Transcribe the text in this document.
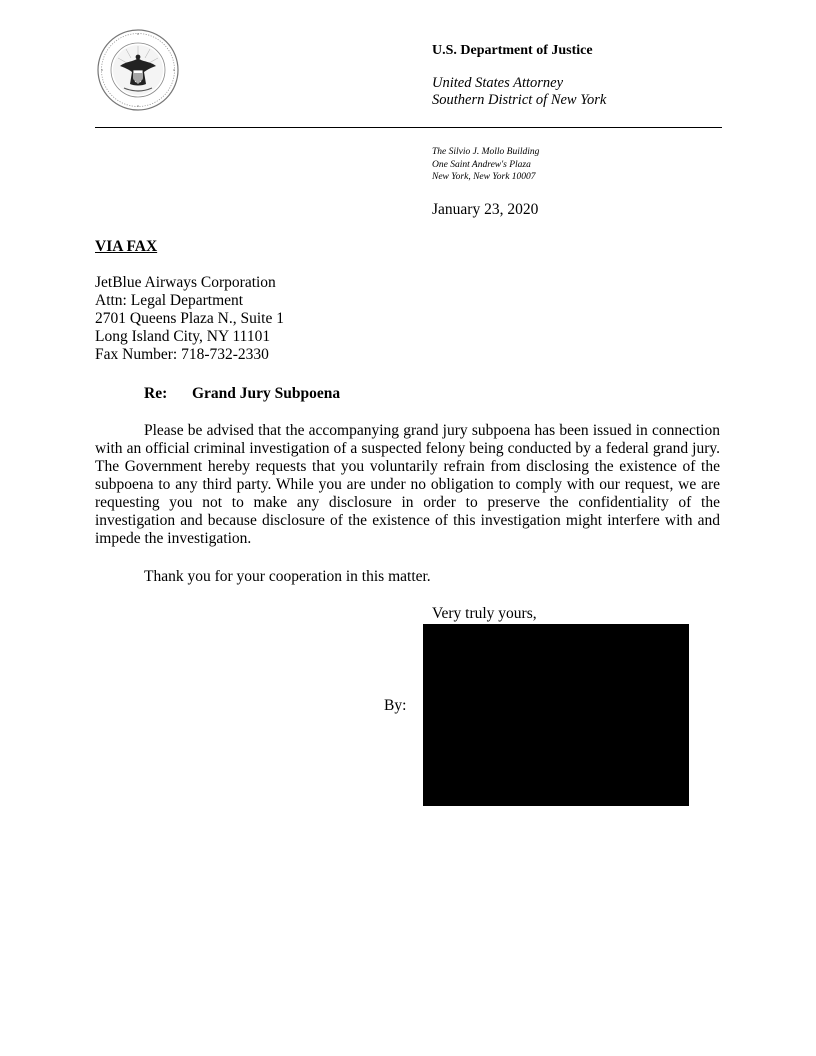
U.S. Department of Justice
United States Attorney
Southern District of New York
The Silvio J. Mollo Building
One Saint Andrew's Plaza
New York, New York 10007
January 23, 2020
VIA FAX
JetBlue Airways Corporation
Attn: Legal Department
2701 Queens Plaza N., Suite 1
Long Island City, NY 11101
Fax Number: 718-732-2330
Re: Grand Jury Subpoena

Please be advised that the accompanying grand jury subpoena has been issued in connection with an official criminal investigation of a suspected felony being conducted by a federal grand jury. The Government hereby requests that you voluntarily refrain from disclosing the existence of the subpoena to any third party. While you are under no obligation to comply with our request, we are requesting you not to make any disclosure in order to preserve the confidentiality of the investigation and because disclosure of the existence of this investigation might interfere with and impede the investigation.

Thank you for your cooperation in this matter.
Very truly yours,
By:
